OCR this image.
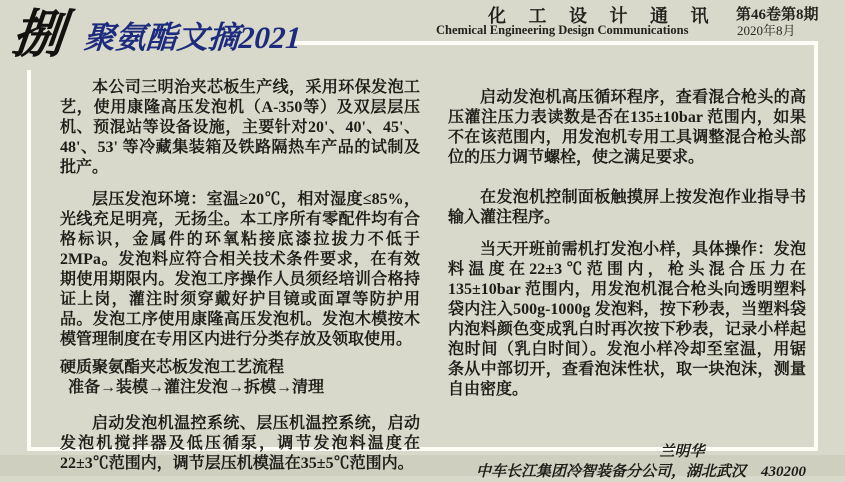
化 工 设 计 通 讯
Chemical Engineering Design Communications
第46卷第8期
2020年8月

本公司三明治夹芯板生产线，采用环保发泡工艺，使用康隆高压发泡机（A-350等）及双层层压机、预混站等设备设施，主要针对20'、40'、45'、48'、53' 等冷藏集装箱及铁路隔热车产品的试制及批产。

层压发泡环境：室温≥20℃，相对湿度≤85%，光线充足明亮，无扬尘。本工序所有零配件均有合格标识，金属件的环氧粘接底漆拉拔力不低于2MPa。发泡料应符合相关技术条件要求，在有效期使用期限内。发泡工序操作人员须经培训合格持证上岗，灌注时须穿戴好护目镜或面罩等防护用品。发泡工序使用康隆高压发泡机。发泡木模按木模管理制度在专用区内进行分类存放及领取使用。

硬质聚氨酯夹芯板发泡工艺流程
准备→装模→灌注发泡→拆模→清理

启动发泡机温控系统、层压机温控系统，启动发泡机搅拌器及低压循泵，调节发泡料温度在22±3℃范围内，调节层压机模温在35±5℃范围内。

启动发泡机高压循环程序，查看混合枪头的高压灌注压力表读数是否在135±10bar 范围内，如果不在该范围内，用发泡机专用工具调整混合枪头部位的压力调节螺栓，使之满足要求。

在发泡机控制面板触摸屏上按发泡作业指导书输入灌注程序。

当天开班前需机打发泡小样，具体操作：发泡料温度在22±3℃范围内，枪头混合压力在135±10bar 范围内，用发泡机混合枪头向透明塑料袋内注入500g-1000g 发泡料，按下秒表，当塑料袋内泡料颜色变成乳白时再次按下秒表，记录小样起泡时间（乳白时间）。发泡小样冷却至室温，用锯条从中部切开，查看泡沫性状，取一块泡沫，测量自由密度。

兰明华
中车长江集团冷智装备分公司，湖北武汉　430200
捌 聚氨酯文摘2021
